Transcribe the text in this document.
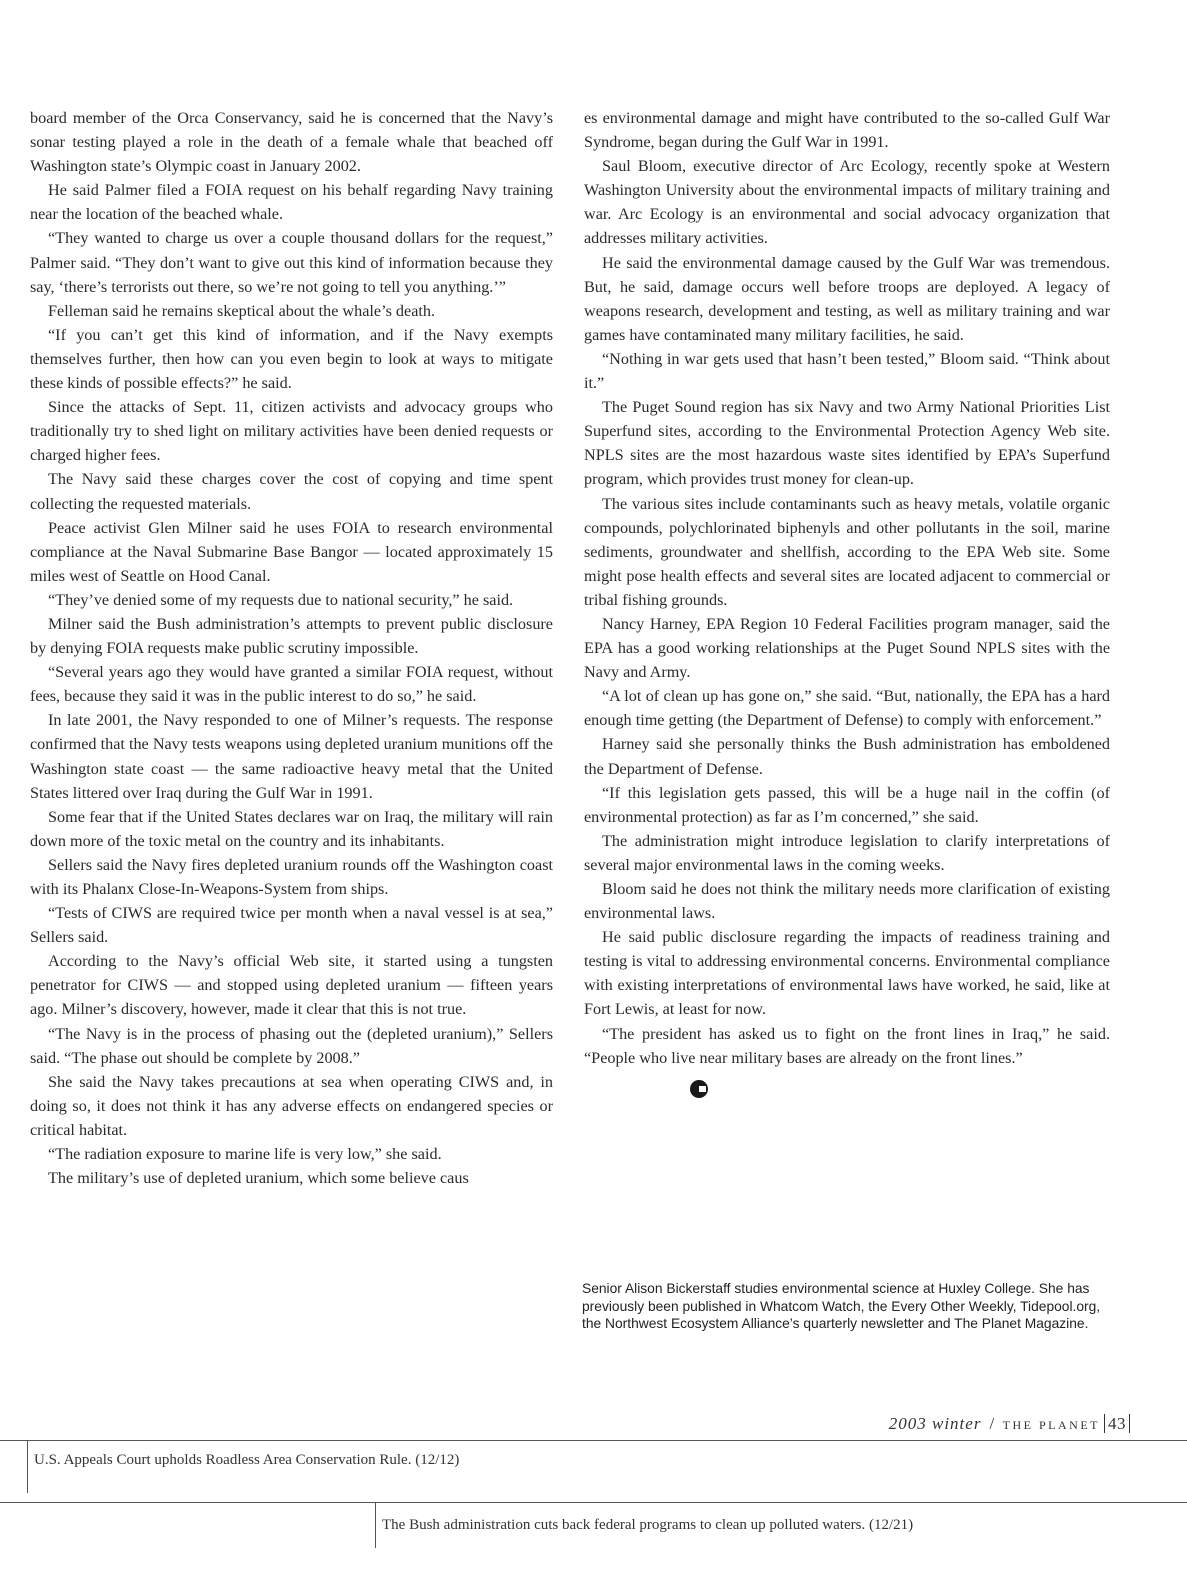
board member of the Orca Conservancy, said he is concerned that the Navy’s sonar testing played a role in the death of a female whale that beached off Washington state’s Olympic coast in January 2002.

He said Palmer filed a FOIA request on his behalf regarding Navy training near the location of the beached whale.

“They wanted to charge us over a couple thousand dollars for the request,” Palmer said. “They don’t want to give out this kind of information because they say, ‘there’s terrorists out there, so we’re not going to tell you anything.’”

Felleman said he remains skeptical about the whale’s death.

“If you can’t get this kind of information, and if the Navy exempts themselves further, then how can you even begin to look at ways to mitigate these kinds of possible effects?” he said.

Since the attacks of Sept. 11, citizen activists and advocacy groups who traditionally try to shed light on military activities have been denied requests or charged higher fees.

The Navy said these charges cover the cost of copying and time spent collecting the requested materials.

Peace activist Glen Milner said he uses FOIA to research environmental compliance at the Naval Submarine Base Bangor — located approximately 15 miles west of Seattle on Hood Canal.

“They’ve denied some of my requests due to national security,” he said.

Milner said the Bush administration’s attempts to prevent public disclosure by denying FOIA requests make public scrutiny impossible.

“Several years ago they would have granted a similar FOIA request, without fees, because they said it was in the public interest to do so,” he said.

In late 2001, the Navy responded to one of Milner’s requests. The response confirmed that the Navy tests weapons using depleted uranium munitions off the Washington state coast — the same radioactive heavy metal that the United States littered over Iraq during the Gulf War in 1991.

Some fear that if the United States declares war on Iraq, the military will rain down more of the toxic metal on the country and its inhabitants.

Sellers said the Navy fires depleted uranium rounds off the Washington coast with its Phalanx Close-In-Weapons-System from ships.

“Tests of CIWS are required twice per month when a naval vessel is at sea,” Sellers said.

According to the Navy’s official Web site, it started using a tungsten penetrator for CIWS — and stopped using depleted uranium — fifteen years ago. Milner’s discovery, however, made it clear that this is not true.

“The Navy is in the process of phasing out the (depleted uranium),” Sellers said. “The phase out should be complete by 2008.”

She said the Navy takes precautions at sea when operating CIWS and, in doing so, it does not think it has any adverse effects on endangered species or critical habitat.

“The radiation exposure to marine life is very low,” she said.

The military’s use of depleted uranium, which some believe caus

es environmental damage and might have contributed to the so-called Gulf War Syndrome, began during the Gulf War in 1991.

Saul Bloom, executive director of Arc Ecology, recently spoke at Western Washington University about the environmental impacts of military training and war. Arc Ecology is an environmental and social advocacy organization that addresses military activities.

He said the environmental damage caused by the Gulf War was tremendous. But, he said, damage occurs well before troops are deployed. A legacy of weapons research, development and testing, as well as military training and war games have contaminated many military facilities, he said.

“Nothing in war gets used that hasn’t been tested,” Bloom said. “Think about it.”

The Puget Sound region has six Navy and two Army National Priorities List Superfund sites, according to the Environmental Protection Agency Web site. NPLS sites are the most hazardous waste sites identified by EPA’s Superfund program, which provides trust money for clean-up.

The various sites include contaminants such as heavy metals, volatile organic compounds, polychlorinated biphenyls and other pollutants in the soil, marine sediments, groundwater and shellfish, according to the EPA Web site. Some might pose health effects and several sites are located adjacent to commercial or tribal fishing grounds.

Nancy Harney, EPA Region 10 Federal Facilities program manager, said the EPA has a good working relationships at the Puget Sound NPLS sites with the Navy and Army.

“A lot of clean up has gone on,” she said. “But, nationally, the EPA has a hard enough time getting (the Department of Defense) to comply with enforcement.”

Harney said she personally thinks the Bush administration has emboldened the Department of Defense.

“If this legislation gets passed, this will be a huge nail in the coffin (of environmental protection) as far as I’m concerned,” she said.

The administration might introduce legislation to clarify interpretations of several major environmental laws in the coming weeks.

Bloom said he does not think the military needs more clarification of existing environmental laws.

He said public disclosure regarding the impacts of readiness training and testing is vital to addressing environmental concerns. Environmental compliance with existing interpretations of environmental laws have worked, he said, like at Fort Lewis, at least for now.

“The president has asked us to fight on the front lines in Iraq,” he said. “People who live near military bases are already on the front lines.”

Senior Alison Bickerstaff studies environmental science at Huxley College. She has previously been published in Whatcom Watch, the Every Other Weekly, Tidepool.org, the Northwest Ecosystem Alliance’s quarterly newsletter and The Planet Magazine.
2003 winter / THE PLANET 43
U.S. Appeals Court upholds Roadless Area Conservation Rule. (12/12)
The Bush administration cuts back federal programs to clean up polluted waters. (12/21)
